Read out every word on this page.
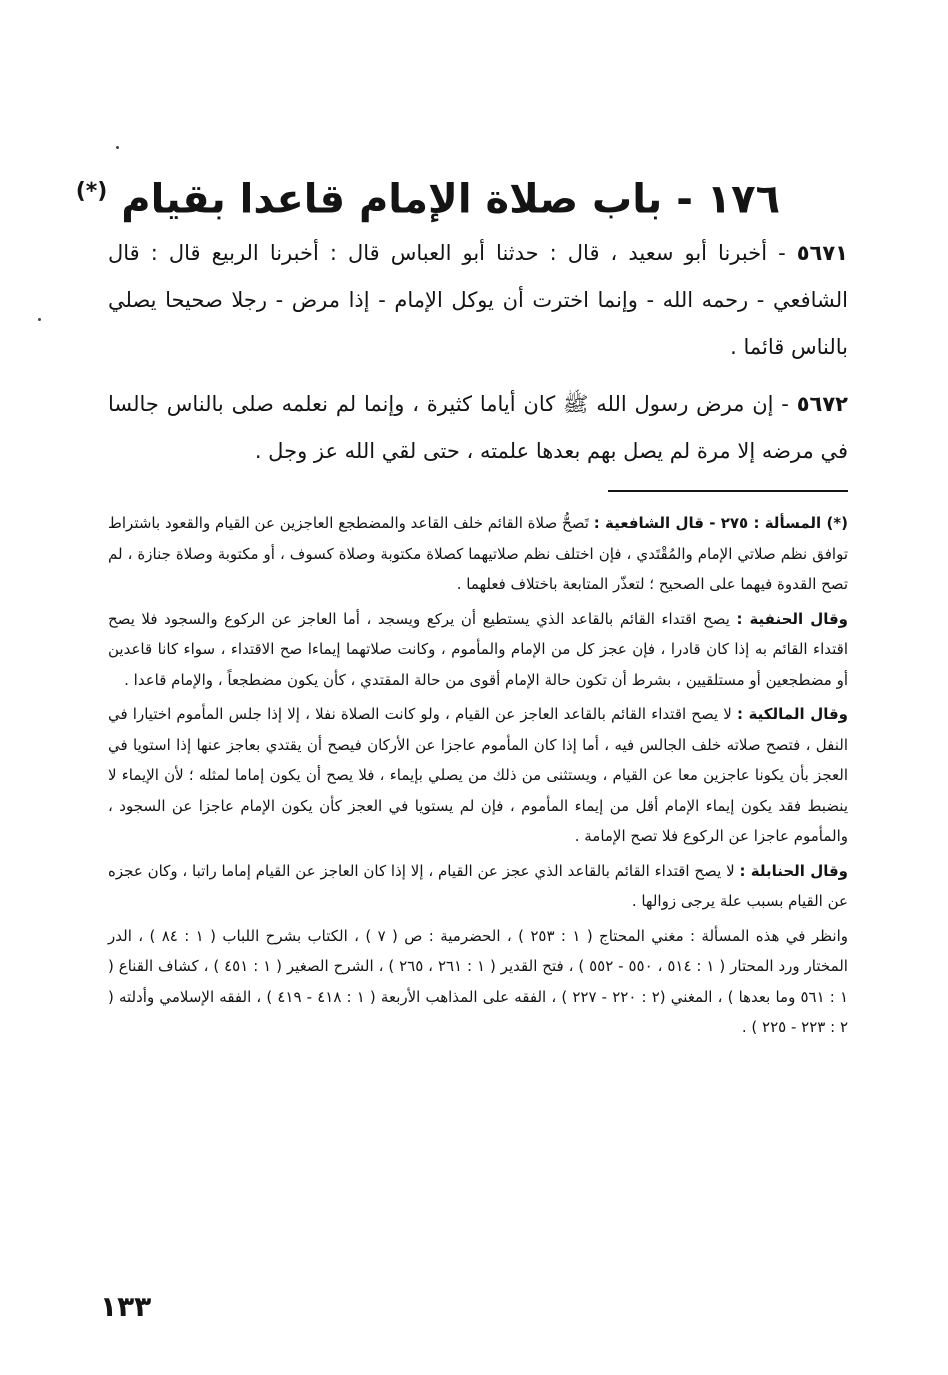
١٧٦ - باب صلاة الإمام قاعدا بقيام (*)

٥٦٧١ - أخبرنا أبو سعيد ، قال : حدثنا أبو العباس قال : أخبرنا الربيع قال : قال الشافعي - رحمه الله - وإنما اخترت أن يوكل الإمام - إذا مرض - رجلا صحيحا يصلي بالناس قائما .

٥٦٧٢ - إن مرض رسول الله ﷺ كان أياما كثيرة ، وإنما لم نعلمه صلى بالناس جالسا في مرضه إلا مرة لم يصل بهم بعدها علمته ، حتى لقي الله عز وجل .

(*) المسألة : ٢٧٥ - قال الشافعية : تَصحُّ صلاة القائم خلف القاعد والمضطجع العاجزين عن القيام والقعود باشتراط توافق نظم صلاتي الإمام والمُقْتَدي ، فإن اختلف نظم صلاتيهما كصلاة مكتوبة وصلاة كسوف ، أو مكتوبة وصلاة جنازة ، لم تصح القدوة فيهما على الصحيح ؛ لتعذّر المتابعة باختلاف فعلهما .

وقال الحنفية : يصح اقتداء القائم بالقاعد الذي يستطيع أن يركع ويسجد ، أما العاجز عن الركوع والسجود فلا يصح اقتداء القائم به إذا كان قادرا ، فإن عجز كل من الإمام والمأموم ، وكانت صلاتهما إيماءا صح الاقتداء ، سواء كانا قاعدين أو مضطجعين أو مستلقيين ، بشرط أن تكون حالة الإمام أقوى من حالة المقتدي ، كأن يكون مضطجعاً ، والإمام قاعدا .

وقال المالكية : لا يصح اقتداء القائم بالقاعد العاجز عن القيام ، ولو كانت الصلاة نفلا ، إلا إذا جلس المأموم اختيارا في النفل ، فتصح صلاته خلف الجالس فيه ، أما إذا كان المأموم عاجزا عن الأركان فيصح أن يقتدي بعاجز عنها إذا استويا في العجز بأن يكونا عاجزين معا عن القيام ، ويستثنى من ذلك من يصلي بإيماء ، فلا يصح أن يكون إماما لمثله ؛ لأن الإيماء لا ينضبط فقد يكون إيماء الإمام أقل من إيماء المأموم ، فإن لم يستويا في العجز كأن يكون الإمام عاجزا عن السجود ، والمأموم عاجزا عن الركوع فلا تصح الإمامة .

وقال الحنابلة : لا يصح اقتداء القائم بالقاعد الذي عجز عن القيام ، إلا إذا كان العاجز عن القيام إماما راتبا ، وكان عجزه عن القيام بسبب علة يرجى زوالها .

وانظر في هذه المسألة : مغني المحتاج ( ١ : ٢٥٣ ) ، الحضرمية : ص ( ٧ ) ، الكتاب بشرح اللباب ( ١ : ٨٤ ) ، الدر المختار ورد المحتار ( ١ : ٥١٤ ، ٥٥٠ - ٥٥٢ ) ، فتح القدير ( ١ : ٢٦١ ، ٢٦٥ ) ، الشرح الصغير ( ١ : ٤٥١ ) ، كشاف القناع ( ١ : ٥٦١ وما بعدها ) ، المغني (٢ : ٢٢٠ - ٢٢٧ ) ، الفقه على المذاهب الأربعة ( ١ : ٤١٨ - ٤١٩ ) ، الفقه الإسلامي وأدلته ( ٢ : ٢٢٣ - ٢٢٥ ) .

١٣٣
